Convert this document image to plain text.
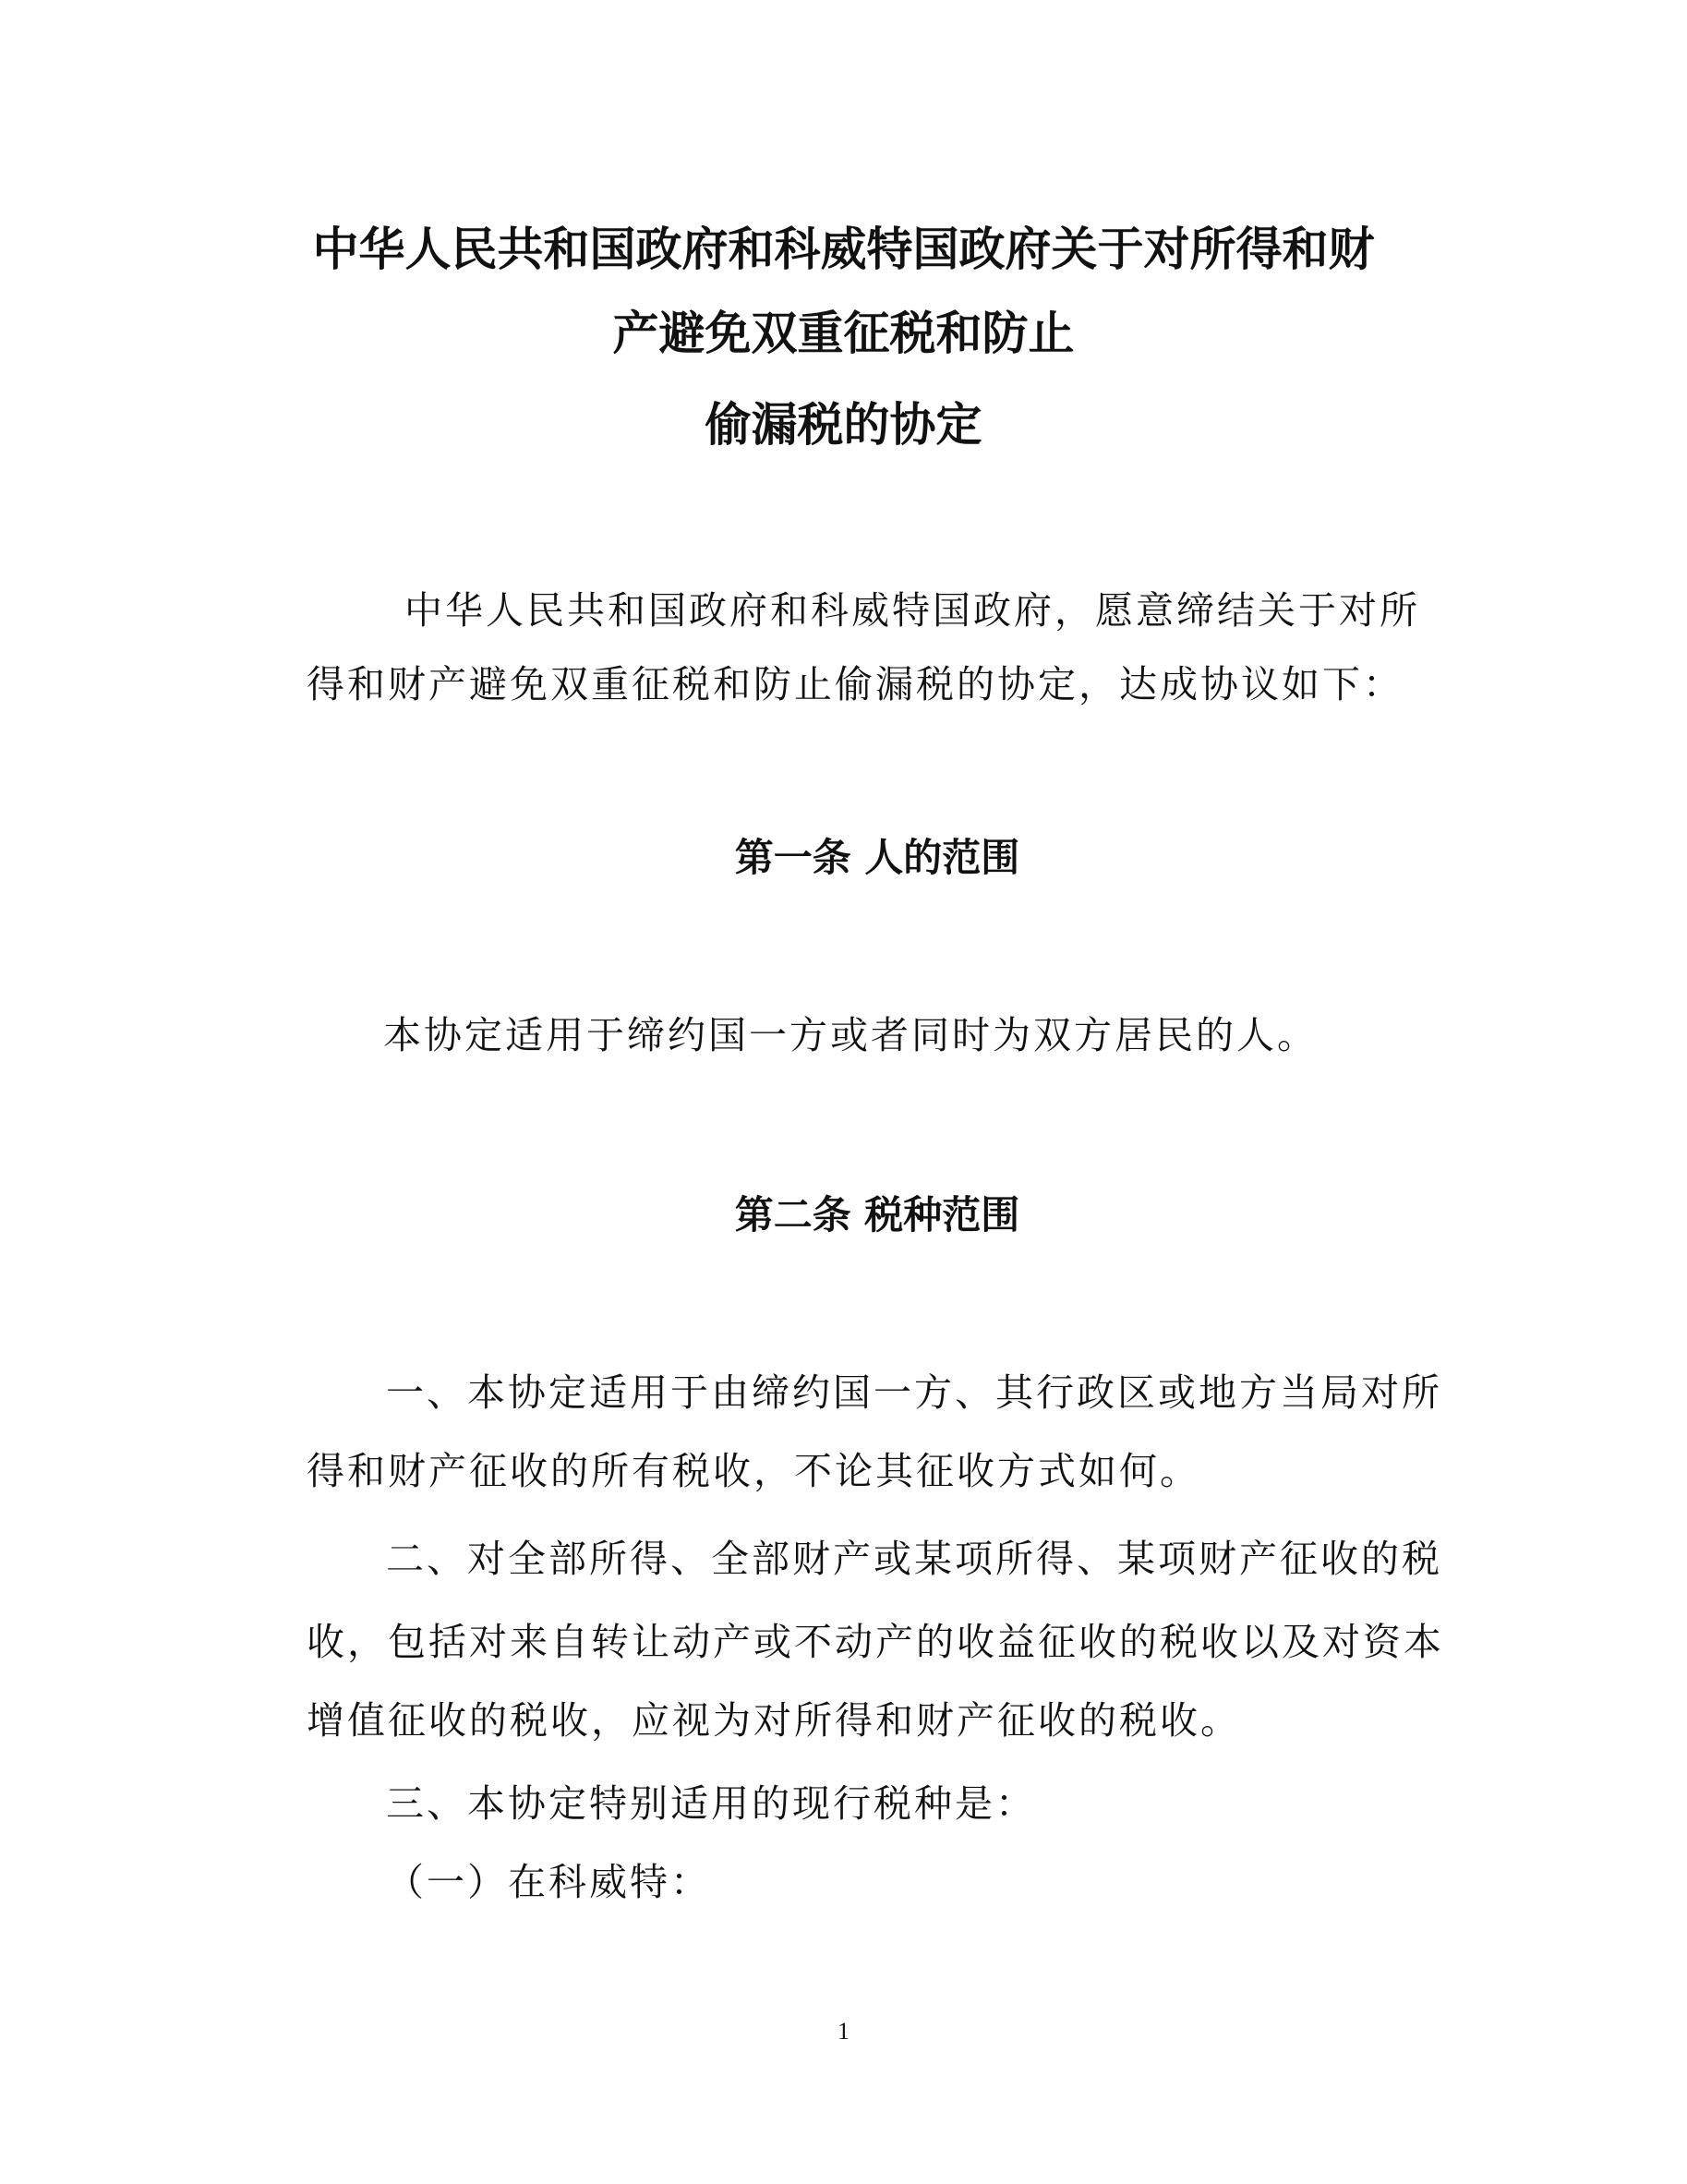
中华人民共和国政府和科威特国政府关于对所得和财
产避免双重征税和防止
偷漏税的协定
中华人民共和国政府和科威特国政府，愿意缔结关于对所
得和财产避免双重征税和防止偷漏税的协定，达成协议如下：
第一条 人的范围
本协定适用于缔约国一方或者同时为双方居民的人。
第二条 税种范围
一、本协定适用于由缔约国一方、其行政区或地方当局对所
得和财产征收的所有税收，不论其征收方式如何。
二、对全部所得、全部财产或某项所得、某项财产征收的税
收，包括对来自转让动产或不动产的收益征收的税收以及对资本
增值征收的税收，应视为对所得和财产征收的税收。
三、本协定特别适用的现行税种是：
（一）在科威特：
1
